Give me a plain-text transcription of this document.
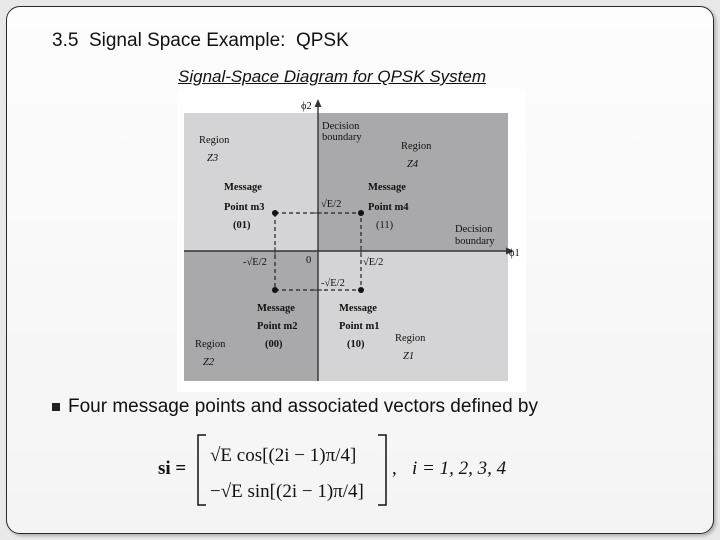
3.5  Signal Space Example:  QPSK
Signal-Space Diagram for QPSK System
ϕ2
ϕ1
0
Decision
boundary
Decision
boundary
Region
Z3
Region
Z4
Region
Z2
Region
Z1
Message
Point m3
(01)
Message
Point m4
(11)
Message
Point m2
(00)
Message
Point m1
(10)
√E/2
-√E/2
√E/2
-√E/2
Four message points and associated vectors defined by
si =
√E cos[(2i − 1)π/4]
−√E sin[(2i − 1)π/4]
, i = 1, 2, 3, 4
